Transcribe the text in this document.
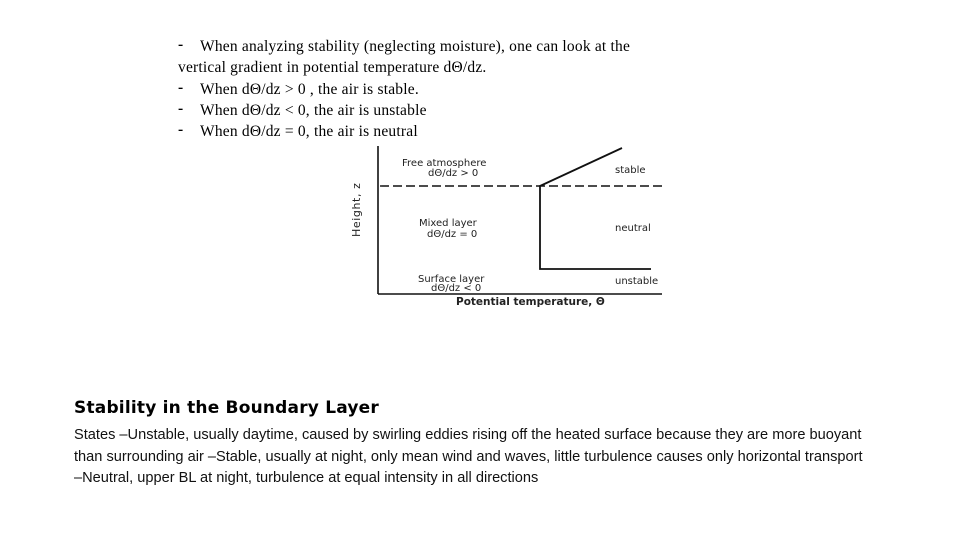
- When analyzing stability (neglecting moisture), one can look at the
vertical gradient in potential temperature dΘ/dz.
- When dΘ/dz > 0 , the air is stable.
- When dΘ/dz < 0, the air is unstable
- When dΘ/dz = 0, the air is neutral
Height, z
Potential temperature, Θ
Free atmosphere
dΘ/dz > 0
Mixed layer
dΘ/dz = 0
Surface layer
dΘ/dz < 0
stable
neutral
unstable
Stability in the Boundary Layer
States –Unstable, usually daytime, caused by swirling eddies rising off the heated surface because they are more buoyant than surrounding air –Stable, usually at night, only mean wind and waves, little turbulence causes only horizontal transport –Neutral, upper BL at night, turbulence at equal intensity in all directions
